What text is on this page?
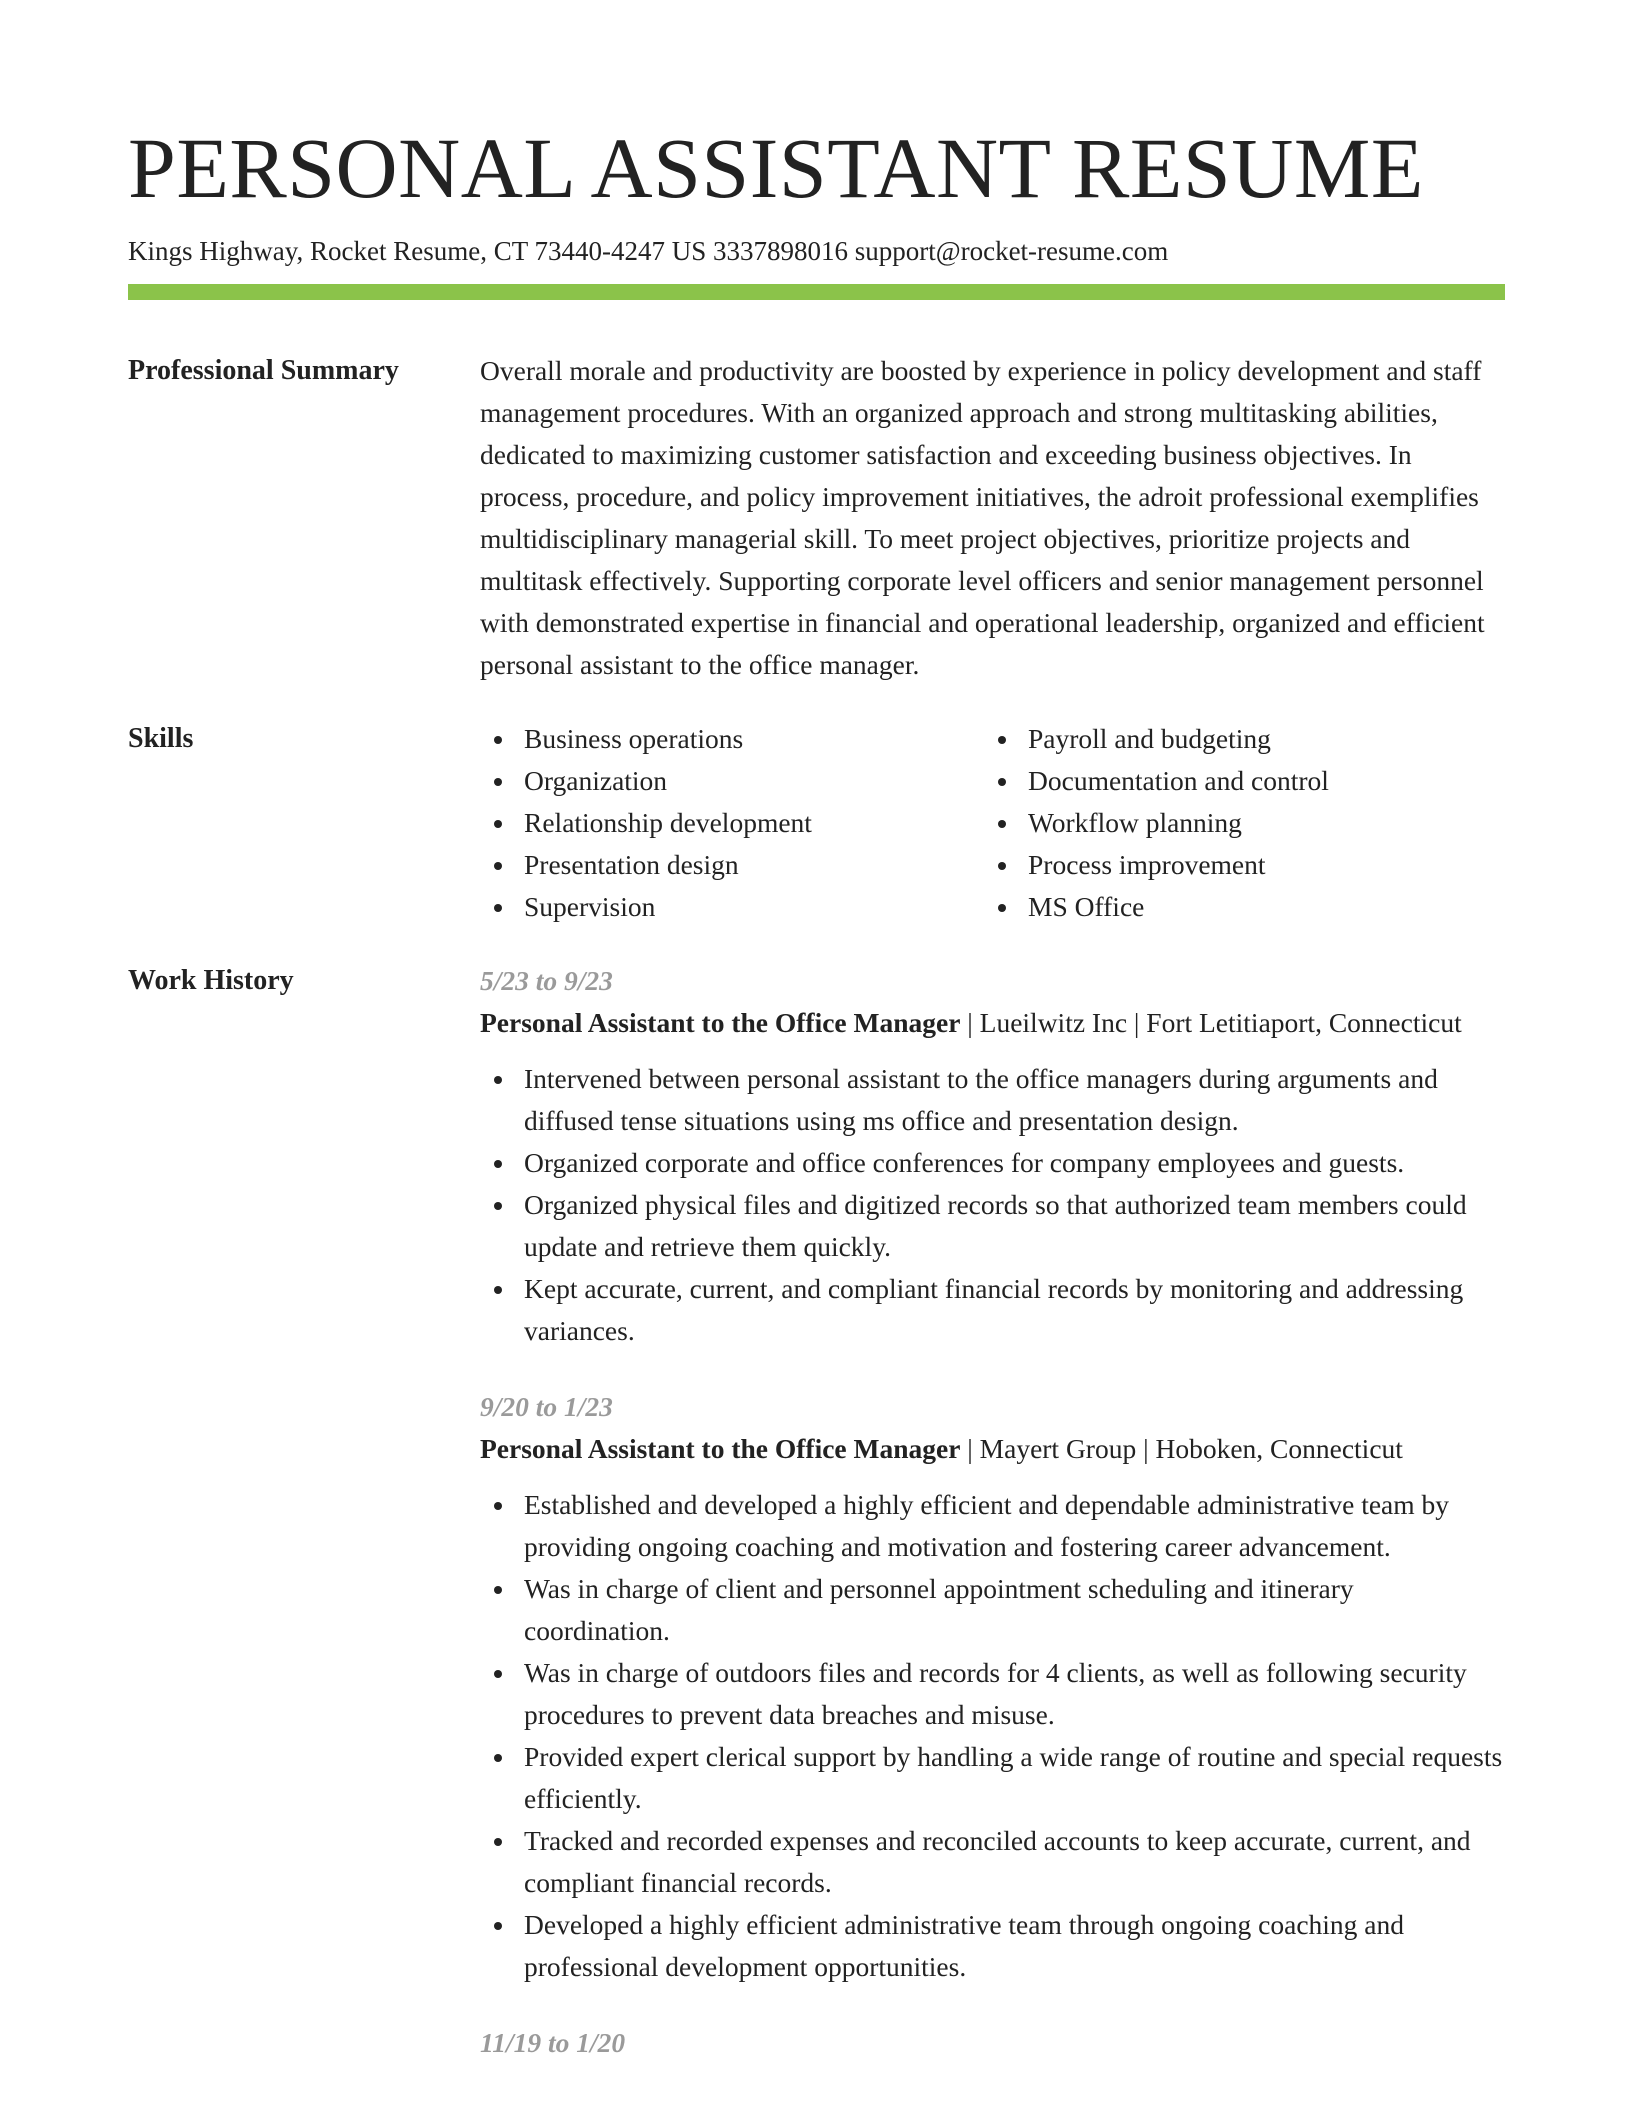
PERSONAL ASSISTANT RESUME
Kings Highway, Rocket Resume, CT 73440-4247 US 3337898016 support@rocket-resume.com
Professional Summary	Overall morale and productivity are boosted by experience in policy development and staff management procedures. With an organized approach and strong multitasking abilities, dedicated to maximizing customer satisfaction and exceeding business objectives. In process, procedure, and policy improvement initiatives, the adroit professional exemplifies multidisciplinary managerial skill. To meet project objectives, prioritize projects and multitask effectively. Supporting corporate level officers and senior management personnel with demonstrated expertise in financial and operational leadership, organized and efficient personal assistant to the office manager.

Skills	Business operations
Organization
Relationship development
Presentation design
Supervision
Payroll and budgeting
Documentation and control
Workflow planning
Process improvement
MS Office
Work History	5/23 to 9/23

Personal Assistant to the Office Manager | Lueilwitz Inc | Fort Letitiaport, Connecticut

Intervened between personal assistant to the office managers during arguments and diffused tense situations using ms office and presentation design.
Organized corporate and office conferences for company employees and guests.
Organized physical files and digitized records so that authorized team members could update and retrieve them quickly.
Kept accurate, current, and compliant financial records by monitoring and addressing variances.
9/20 to 1/23

Personal Assistant to the Office Manager | Mayert Group | Hoboken, Connecticut

Established and developed a highly efficient and dependable administrative team by providing ongoing coaching and motivation and fostering career advancement.
Was in charge of client and personnel appointment scheduling and itinerary coordination.
Was in charge of outdoors files and records for 4 clients, as well as following security procedures to prevent data breaches and misuse.
Provided expert clerical support by handling a wide range of routine and special requests efficiently.
Tracked and recorded expenses and reconciled accounts to keep accurate, current, and compliant financial records.
Developed a highly efficient administrative team through ongoing coaching and professional development opportunities.
11/19 to 1/20
